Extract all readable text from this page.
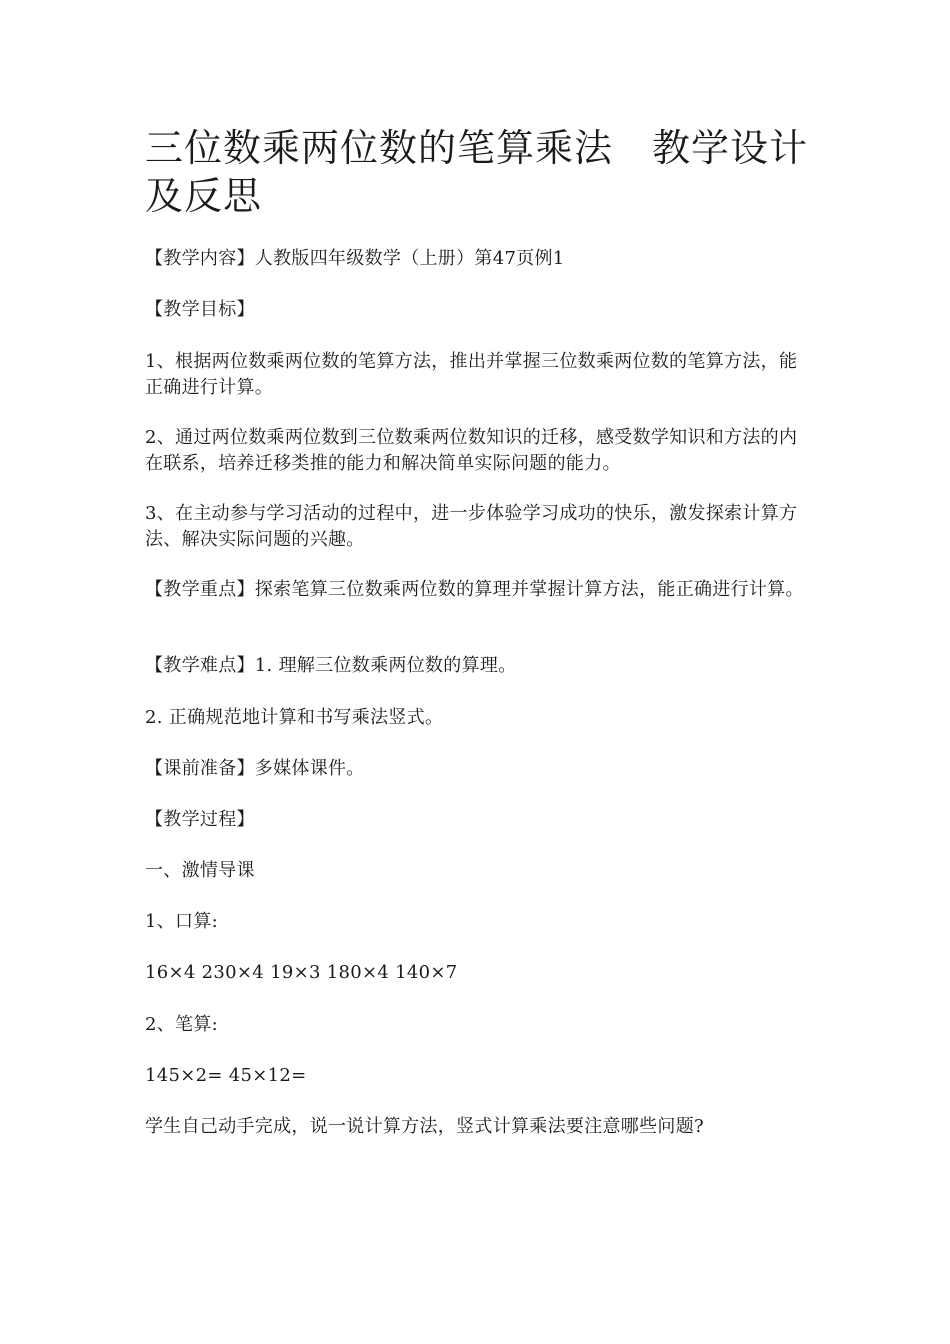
三位数乘两位数的笔算乘法　教学设计及反思

【教学内容】人教版四年级数学（上册）第47页例1

【教学目标】

1、根据两位数乘两位数的笔算方法，推出并掌握三位数乘两位数的笔算方法，能正确进行计算。

2、通过两位数乘两位数到三位数乘两位数知识的迁移，感受数学知识和方法的内在联系，培养迁移类推的能力和解决简单实际问题的能力。

3、在主动参与学习活动的过程中，进一步体验学习成功的快乐，激发探索计算方法、解决实际问题的兴趣。

【教学重点】探索笔算三位数乘两位数的算理并掌握计算方法，能正确进行计算。

【教学难点】1. 理解三位数乘两位数的算理。

2. 正确规范地计算和书写乘法竖式。

【课前准备】多媒体课件。

【教学过程】

一、激情导课

1、口算:

16×4 230×4 19×3 180×4 140×7

2、笔算:

145×2= 45×12=

学生自己动手完成，说一说计算方法，竖式计算乘法要注意哪些问题?
